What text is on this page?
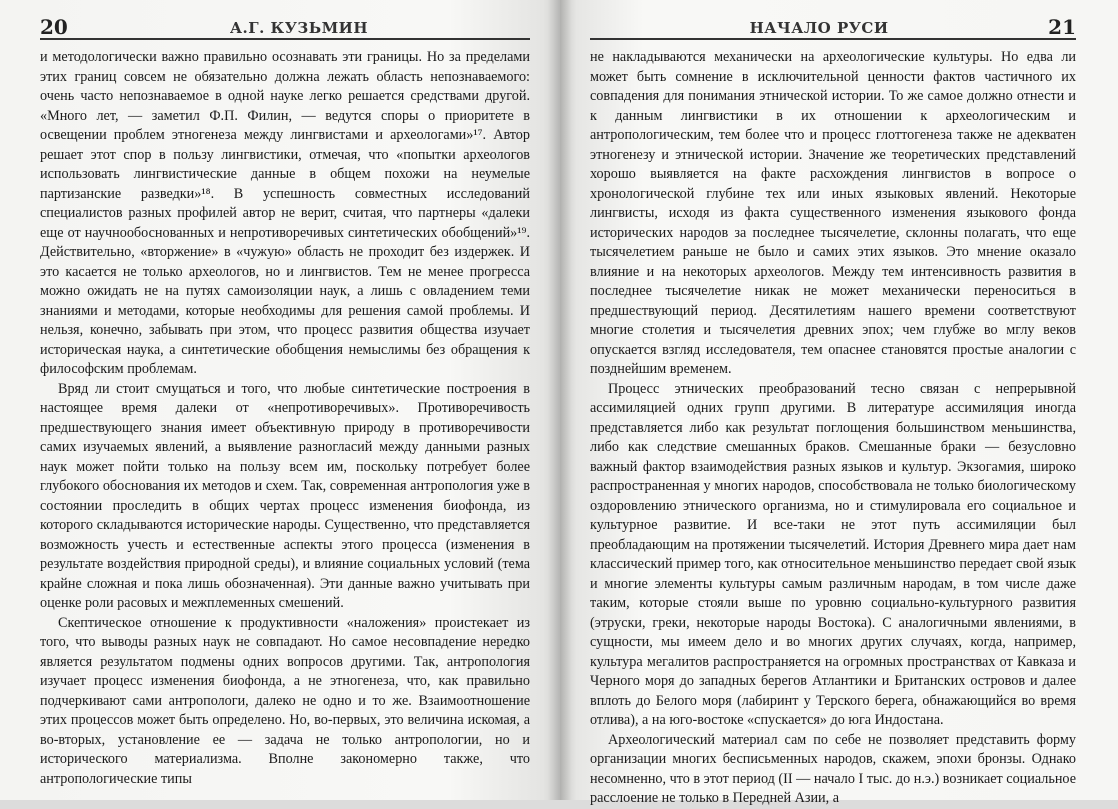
20	А.Г. КУЗЬМИН

и методологически важно правильно осознавать эти границы. Но за пределами этих границ совсем не обязательно должна лежать область непознаваемого: очень часто непознаваемое в одной науке легко решается средствами другой. «Много лет, — заметил Ф.П. Филин, — ведутся споры о приоритете в освещении проблем этногенеза между лингвистами и археологами»¹⁷. Автор решает этот спор в пользу лингвистики, отмечая, что «попытки археологов использовать лингвистические данные в общем похожи на неумелые партизанские разведки»¹⁸. В успешность совместных исследований специалистов разных профилей автор не верит, считая, что партнеры «далеки еще от научнообоснованных и непротиворечивых синтетических обобщений»¹⁹. Действительно, «вторжение» в «чужую» область не проходит без издержек. И это касается не только археологов, но и лингвистов. Тем не менее прогресса можно ожидать не на путях самоизоляции наук, а лишь с овладением теми знаниями и методами, которые необходимы для решения самой проблемы. И нельзя, конечно, забывать при этом, что процесс развития общества изучает историческая наука, а синтетические обобщения немыслимы без обращения к философским проблемам.

Вряд ли стоит смущаться и того, что любые синтетические построения в настоящее время далеки от «непротиворечивых». Противоречивость предшествующего знания имеет объективную природу в противоречивости самих изучаемых явлений, а выявление разногласий между данными разных наук может пойти только на пользу всем им, поскольку потребует более глубокого обоснования их методов и схем. Так, современная антропология уже в состоянии проследить в общих чертах процесс изменения биофонда, из которого складываются исторические народы. Существенно, что представляется возможность учесть и естественные аспекты этого процесса (изменения в результате воздействия природной среды), и влияние социальных условий (тема крайне сложная и пока лишь обозначенная). Эти данные важно учитывать при оценке роли расовых и межплеменных смешений.

Скептическое отношение к продуктивности «наложения» проистекает из того, что выводы разных наук не совпадают. Но самое несовпадение нередко является результатом подмены одних вопросов другими. Так, антропология изучает процесс изменения биофонда, а не этногенеза, что, как правильно подчеркивают сами антропологи, далеко не одно и то же. Взаимоотношение этих процессов может быть определено. Но, во-первых, это величина искомая, а во-вторых, установление ее — задача не только антропологии, но и исторического материализма. Вполне закономерно также, что антропологические типы

НАЧАЛО РУСИ	21

не накладываются механически на археологические культуры. Но едва ли может быть сомнение в исключительной ценности фактов частичного их совпадения для понимания этнической истории. То же самое должно отнести и к данным лингвистики в их отношении к археологическим и антропологическим, тем более что и процесс глоттогенеза также не адекватен этногенезу и этнической истории. Значение же теоретических представлений хорошо выявляется на факте расхождения лингвистов в вопросе о хронологической глубине тех или иных языковых явлений. Некоторые лингвисты, исходя из факта существенного изменения языкового фонда исторических народов за последнее тысячелетие, склонны полагать, что еще тысячелетием раньше не было и самих этих языков. Это мнение оказало влияние и на некоторых археологов. Между тем интенсивность развития в последнее тысячелетие никак не может механически переноситься в предшествующий период. Десятилетиям нашего времени соответствуют многие столетия и тысячелетия древних эпох; чем глубже во мглу веков опускается взгляд исследователя, тем опаснее становятся простые аналогии с позднейшим временем.

Процесс этнических преобразований тесно связан с непрерывной ассимиляцией одних групп другими. В литературе ассимиляция иногда представляется либо как результат поглощения большинством меньшинства, либо как следствие смешанных браков. Смешанные браки — безусловно важный фактор взаимодействия разных языков и культур. Экзогамия, широко распространенная у многих народов, способствовала не только биологическому оздоровлению этнического организма, но и стимулировала его социальное и культурное развитие. И все-таки не этот путь ассимиляции был преобладающим на протяжении тысячелетий. История Древнего мира дает нам классический пример того, как относительное меньшинство передает свой язык и многие элементы культуры самым различным народам, в том числе даже таким, которые стояли выше по уровню социально-культурного развития (этруски, греки, некоторые народы Востока). С аналогичными явлениями, в сущности, мы имеем дело и во многих других случаях, когда, например, культура мегалитов распространяется на огромных пространствах от Кавказа и Черного моря до западных берегов Атлантики и Британских островов и далее вплоть до Белого моря (лабиринт у Терского берега, обнажающийся во время отлива), а на юго-востоке «спускается» до юга Индостана.

Археологический материал сам по себе не позволяет представить форму организации многих бесписьменных народов, скажем, эпохи бронзы. Однако несомненно, что в этот период (II — начало I тыс. до н.э.) возникает социальное расслоение не только в Передней Азии, а
